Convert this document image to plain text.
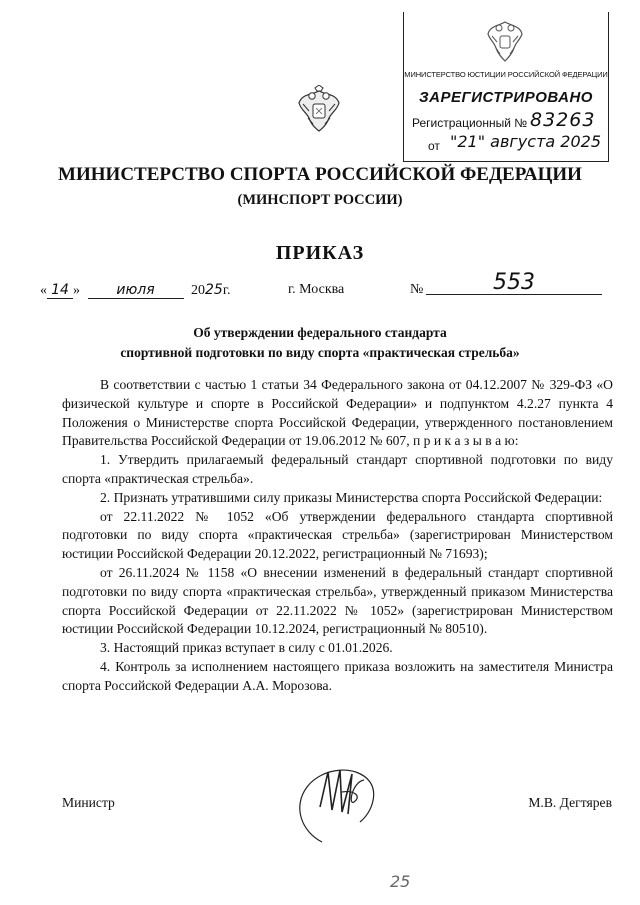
МИНИСТЕРСТВО ЮСТИЦИИ РОССИЙСКОЙ ФЕДЕРАЦИИ
ЗАРЕГИСТРИРОВАНО
Регистрационный № 83263
от "21" августа 2025
МИНИСТЕРСТВО СПОРТА РОССИЙСКОЙ ФЕДЕРАЦИИ
(МИНСПОРТ РОССИИ)
ПРИКАЗ
« 14 »	июля	2025г.	г. Москва	№	553
Об утверждении федерального стандарта
спортивной подготовки по виду спорта «практическая стрельба»

В соответствии с частью 1 статьи 34 Федерального закона от 04.12.2007 № 329-ФЗ «О физической культуре и спорте в Российской Федерации» и подпунктом 4.2.27 пункта 4 Положения о Министерстве спорта Российской Федерации, утвержденного постановлением Правительства Российской Федерации от 19.06.2012 № 607, п р и к а з ы в а ю:

1. Утвердить прилагаемый федеральный стандарт спортивной подготовки по виду спорта «практическая стрельба».

2. Признать утратившими силу приказы Министерства спорта Российской Федерации:

от 22.11.2022 № 1052 «Об утверждении федерального стандарта спортивной подготовки по виду спорта «практическая стрельба» (зарегистрирован Министерством юстиции Российской Федерации 20.12.2022, регистрационный № 71693);

от 26.11.2024 № 1158 «О внесении изменений в федеральный стандарт спортивной подготовки по виду спорта «практическая стрельба», утвержденный приказом Министерства спорта Российской Федерации от 22.11.2022 № 1052» (зарегистрирован Министерством юстиции Российской Федерации 10.12.2024, регистрационный № 80510).

3. Настоящий приказ вступает в силу с 01.01.2026.

4. Контроль за исполнением настоящего приказа возложить на заместителя Министра спорта Российской Федерации А.А. Морозова.

Министр	М.В. Дегтярев
25
